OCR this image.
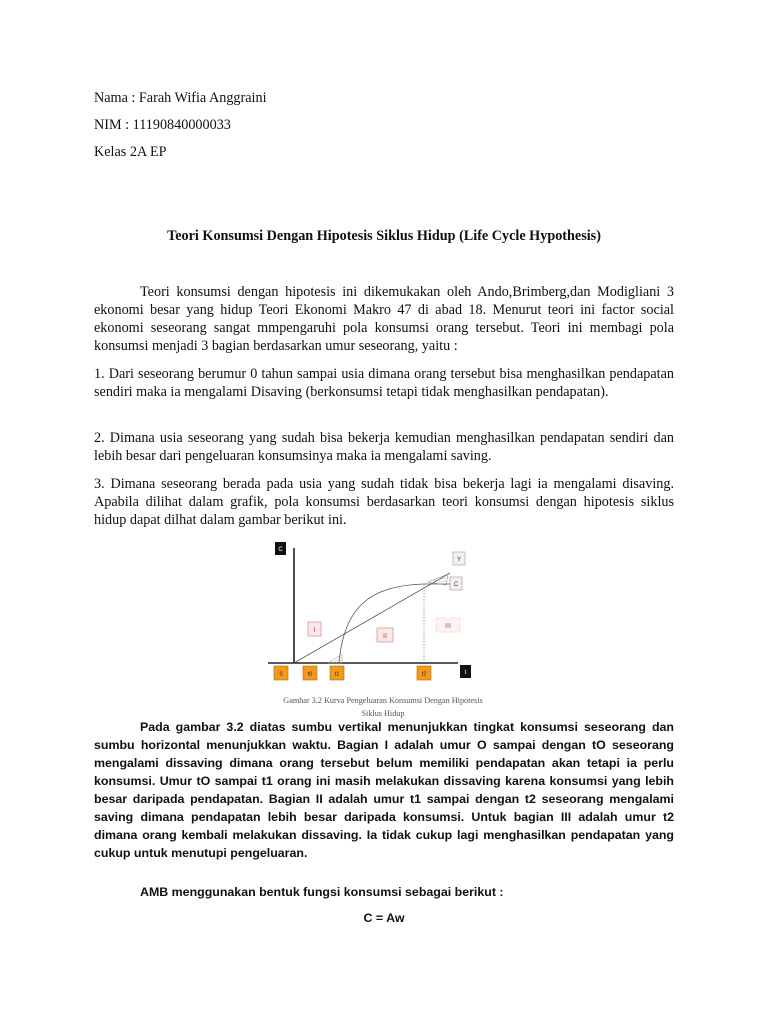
Nama : Farah Wifia Anggraini
NIM : 11190840000033
Kelas 2A EP
Teori Konsumsi Dengan Hipotesis Siklus Hidup (Life Cycle Hypothesis)

Teori konsumsi dengan hipotesis ini dikemukakan oleh Ando,Brimberg,dan Modigliani 3 ekonomi besar yang hidup Teori Ekonomi Makro 47 di abad 18. Menurut teori ini factor social ekonomi seseorang sangat mmpengaruhi pola konsumsi orang tersebut. Teori ini membagi pola konsumsi menjadi 3 bagian berdasarkan umur seseorang, yaitu :

1. Dari seseorang berumur 0 tahun sampai usia dimana orang tersebut bisa menghasilkan pendapatan sendiri maka ia mengalami Disaving (berkonsumsi tetapi tidak menghasilkan pendapatan).

2. Dimana usia seseorang yang sudah bisa bekerja kemudian menghasilkan pendapatan sendiri dan lebih besar dari pengeluaran konsumsinya maka ia mengalami saving.

3. Dimana seseorang berada pada usia yang sudah tidak bisa bekerja lagi ia mengalami disaving. Apabila dilihat dalam grafik, pola konsumsi berdasarkan teori konsumsi dengan hipotesis siklus hidup dapat dilhat dalam gambar berikut ini.

C
t
Y
C
I
II
III
0	t0	t1	t2
Gambar 3.2 Kurva Pengeluaran Konsumsi Dengan Hipotesis
Siklus Hidup

Pada gambar 3.2 diatas sumbu vertikal menunjukkan tingkat konsumsi seseorang dan sumbu horizontal menunjukkan waktu. Bagian I adalah umur O sampai dengan tO seseorang mengalami dissaving dimana orang tersebut belum memiliki pendapatan akan tetapi ia perlu konsumsi. Umur tO sampai t1 orang ini masih melakukan dissaving karena konsumsi yang lebih besar daripada pendapatan. Bagian II adalah umur t1 sampai dengan t2 seseorang mengalami saving dimana pendapatan lebih besar daripada konsumsi. Untuk bagian III adalah umur t2 dimana orang kembali melakukan dissaving. Ia tidak cukup lagi menghasilkan pendapatan yang cukup untuk menutupi pengeluaran.

AMB menggunakan bentuk fungsi konsumsi sebagai berikut :

C = Aw
